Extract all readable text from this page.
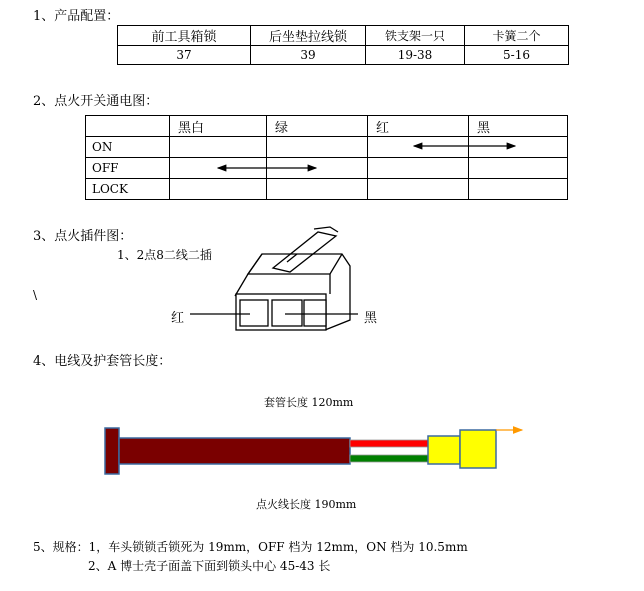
1、产品配置：
前工具箱锁	后坐垫拉线锁	铁支架一只	卡簧二个
37	39	19-38	5-16
2、点火开关通电图：
	黑白	绿	红	黑
ON				
OFF				
LOCK				
3、点火插件图：
1、2点8二线二插
\
红	黑
4、电线及护套管长度：
套管长度 120mm
点火线长度 190mm
5、规格：1，车头锁锁舌锁死为 19mm，OFF 档为 12mm，ON 档为 10.5mm
2、A 博士壳子面盖下面到锁头中心 45-43 长
